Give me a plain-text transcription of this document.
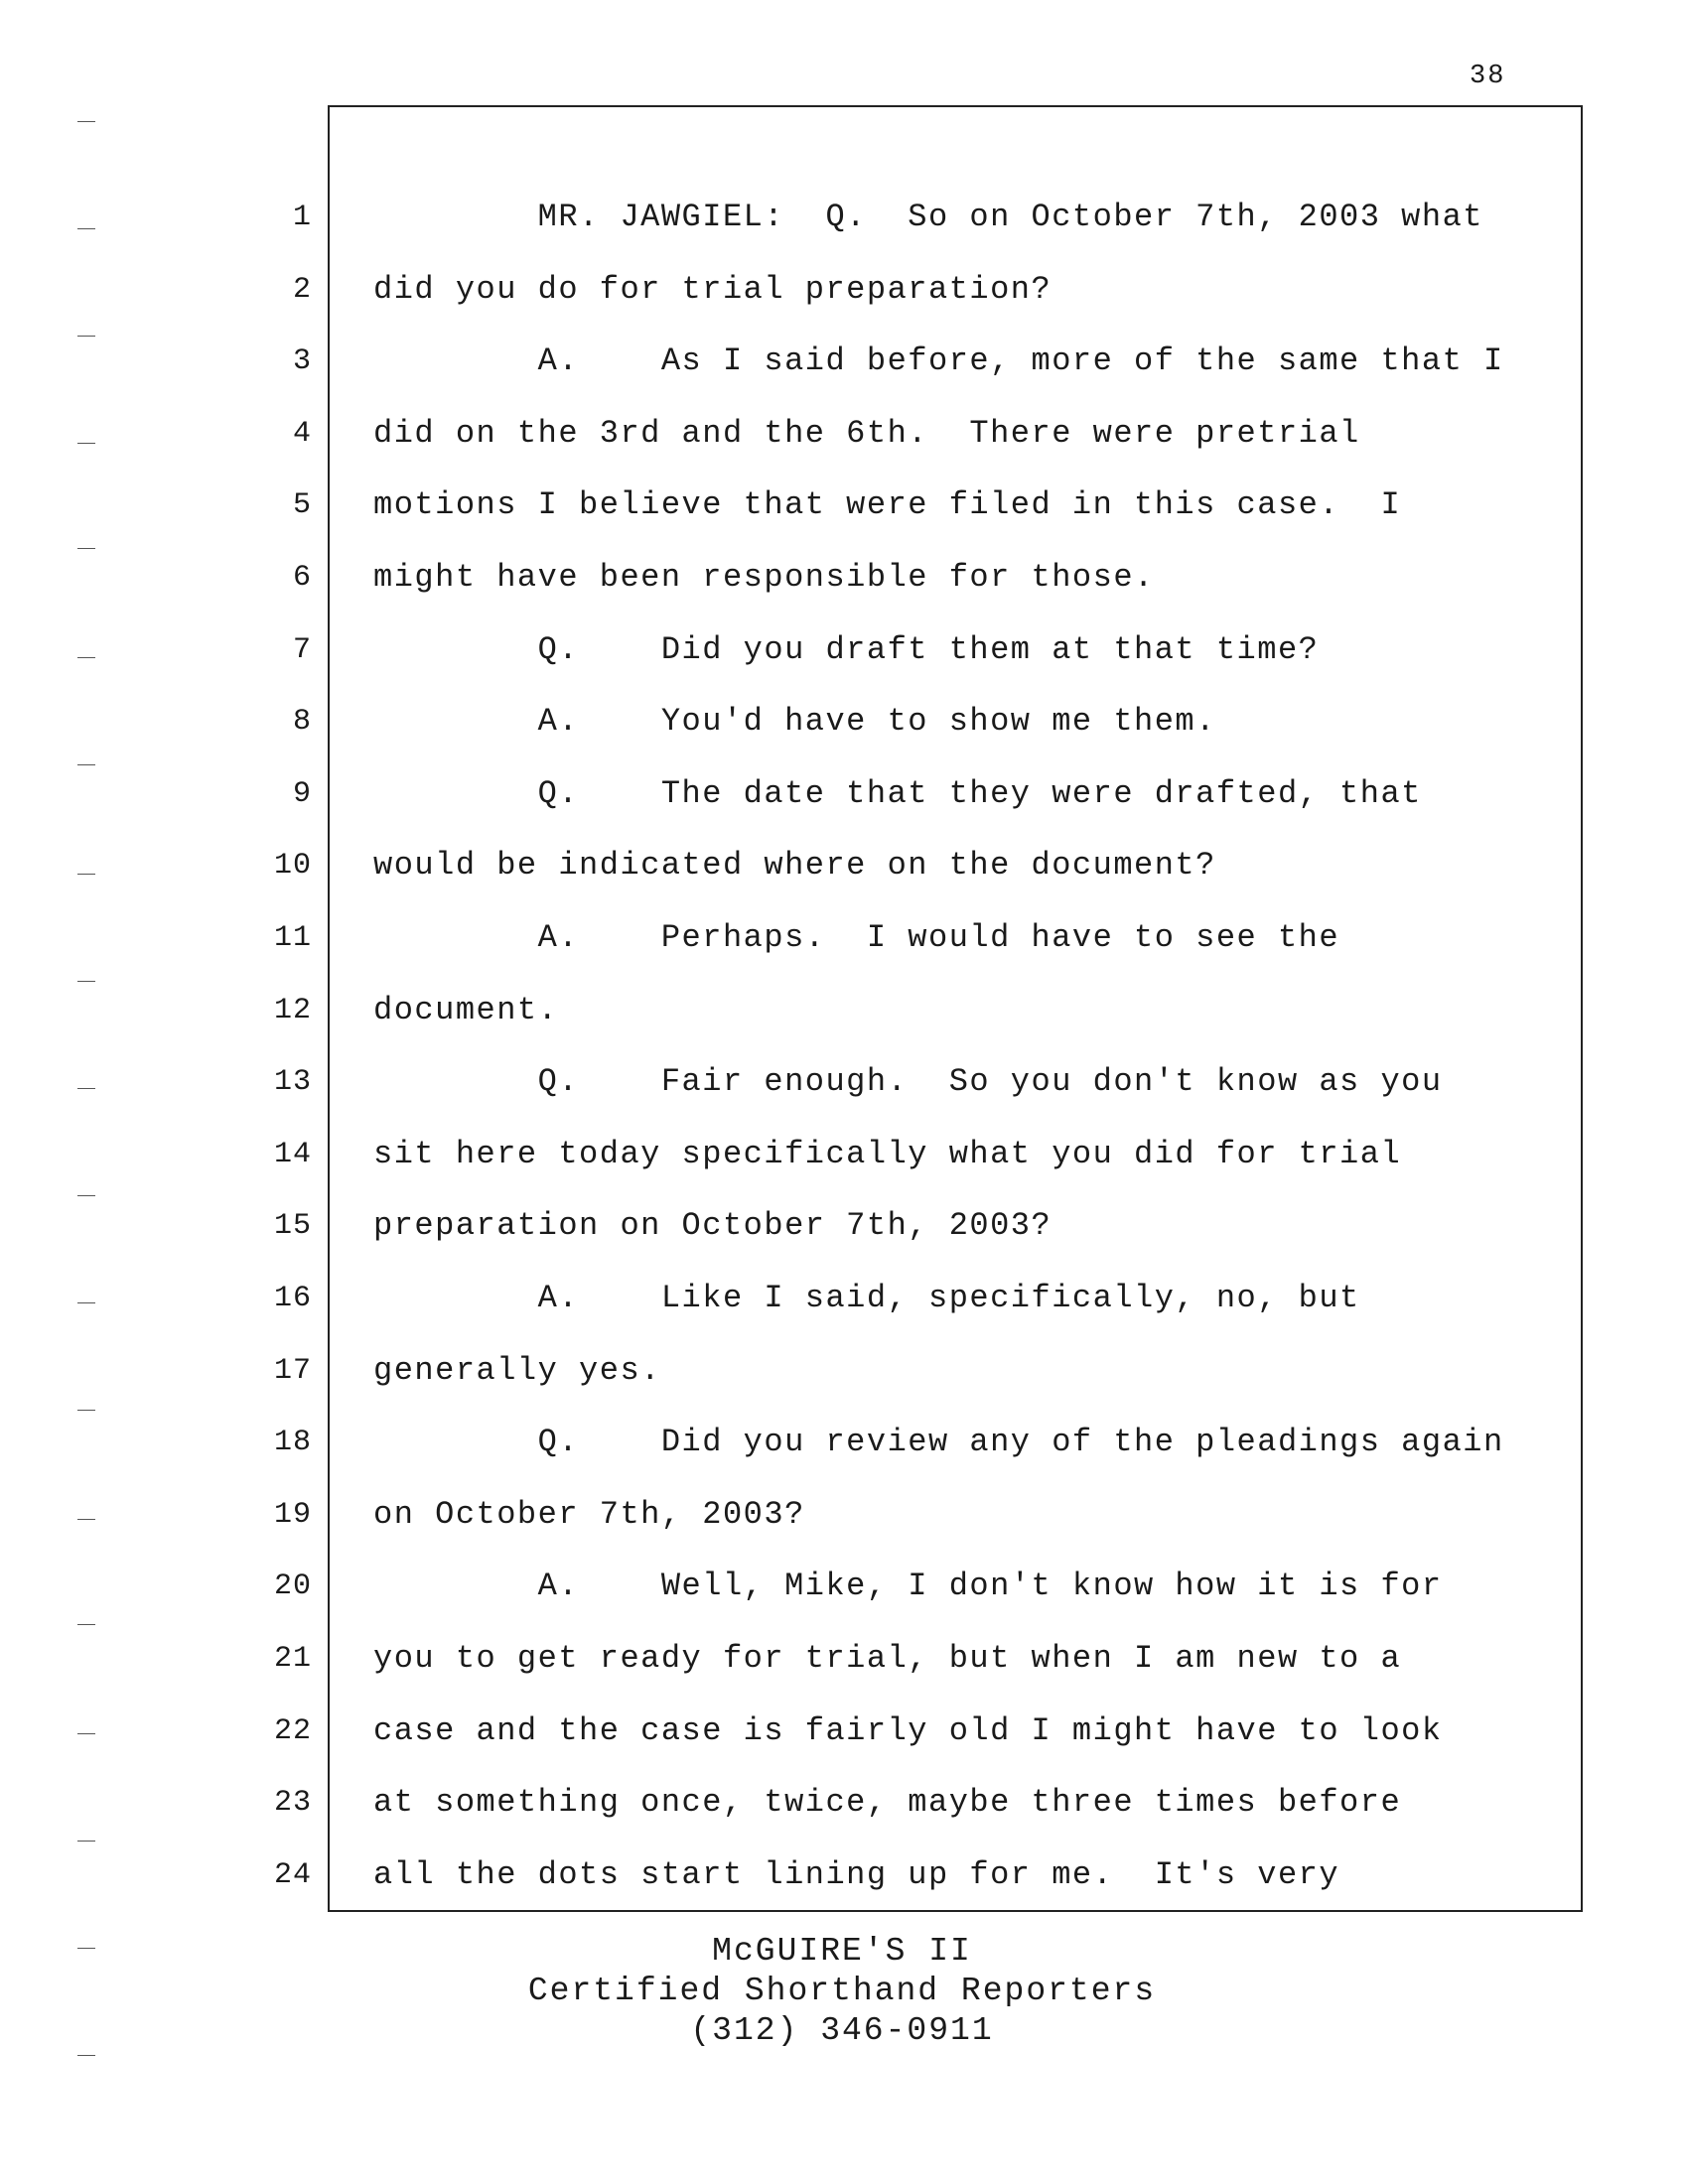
38
1 MR. JAWGIEL:  Q.  So on October 7th, 2003 what
2 did you do for trial preparation?
3 A.    As I said before, more of the same that I
4 did on the 3rd and the 6th.  There were pretrial
5 motions I believe that were filed in this case.  I
6 might have been responsible for those.
7 Q.    Did you draft them at that time?
8 A.    You'd have to show me them.
9 Q.    The date that they were drafted, that
10 would be indicated where on the document?
11 A.    Perhaps.  I would have to see the
12 document.
13 Q.    Fair enough.  So you don't know as you
14 sit here today specifically what you did for trial
15 preparation on October 7th, 2003?
16 A.    Like I said, specifically, no, but
17 generally yes.
18 Q.    Did you review any of the pleadings again
19 on October 7th, 2003?
20 A.    Well, Mike, I don't know how it is for
21 you to get ready for trial, but when I am new to a
22 case and the case is fairly old I might have to look
23 at something once, twice, maybe three times before
24 all the dots start lining up for me.  It's very
McGUIRE'S II
Certified Shorthand Reporters
(312) 346-0911
